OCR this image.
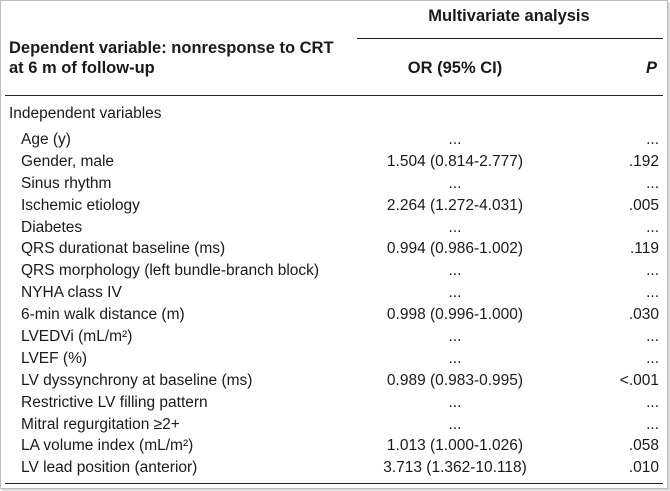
Dependent variable: nonresponse to CRT at 6 m of follow-up
Multivariate analysis
OR (95% CI)	P
Independent variables
Age (y)	...	...
Gender, male	1.504 (0.814-2.777)	.192
Sinus rhythm	...	...
Ischemic etiology	2.264 (1.272-4.031)	.005
Diabetes	...	...
QRS durationat baseline (ms)	0.994 (0.986-1.002)	.119
QRS morphology (left bundle-branch block)	...	...
NYHA class IV	...	...
6-min walk distance (m)	0.998 (0.996-1.000)	.030
LVEDVi (mL/m²)	...	...
LVEF (%)	...	...
LV dyssynchrony at baseline (ms)	0.989 (0.983-0.995)	<.001
Restrictive LV filling pattern	...	...
Mitral regurgitation ≥2+	...	...
LA volume index (mL/m²)	1.013 (1.000-1.026)	.058
LV lead position (anterior)	3.713 (1.362-10.118)	.010
